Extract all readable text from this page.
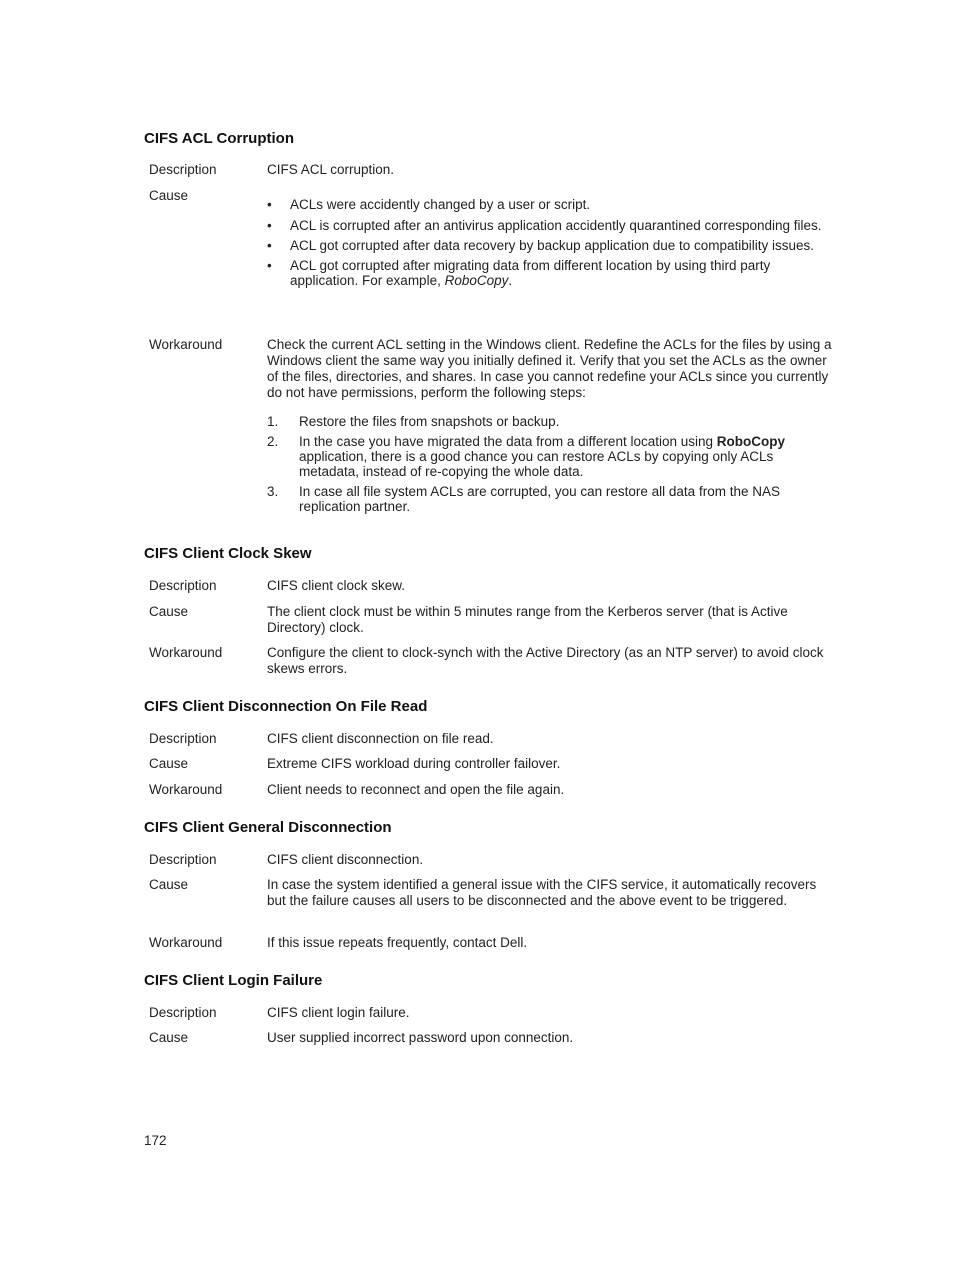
CIFS ACL Corruption
Description	CIFS ACL corruption.
Cause
• ACLs were accidently changed by a user or script.
• ACL is corrupted after an antivirus application accidently quarantined corresponding files.
• ACL got corrupted after data recovery by backup application due to compatibility issues.
• ACL got corrupted after migrating data from different location by using third party application. For example, RoboCopy.
Workaround	Check the current ACL setting in the Windows client. Redefine the ACLs for the files by using a Windows client the same way you initially defined it. Verify that you set the ACLs as the owner of the files, directories, and shares. In case you cannot redefine your ACLs since you currently do not have permissions, perform the following steps:

1. Restore the files from snapshots or backup.
2. In the case you have migrated the data from a different location using RoboCopy application, there is a good chance you can restore ACLs by copying only ACLs metadata, instead of re-copying the whole data.
3. In case all file system ACLs are corrupted, you can restore all data from the NAS replication partner.
CIFS Client Clock Skew
Description	CIFS client clock skew.
Cause	The client clock must be within 5 minutes range from the Kerberos server (that is Active Directory) clock.
Workaround	Configure the client to clock-synch with the Active Directory (as an NTP server) to avoid clock skews errors.
CIFS Client Disconnection On File Read
Description	CIFS client disconnection on file read.
Cause	Extreme CIFS workload during controller failover.
Workaround	Client needs to reconnect and open the file again.
CIFS Client General Disconnection
Description	CIFS client disconnection.
Cause	In case the system identified a general issue with the CIFS service, it automatically recovers but the failure causes all users to be disconnected and the above event to be triggered.
Workaround	If this issue repeats frequently, contact Dell.
CIFS Client Login Failure
Description	CIFS client login failure.
Cause	User supplied incorrect password upon connection.
172
